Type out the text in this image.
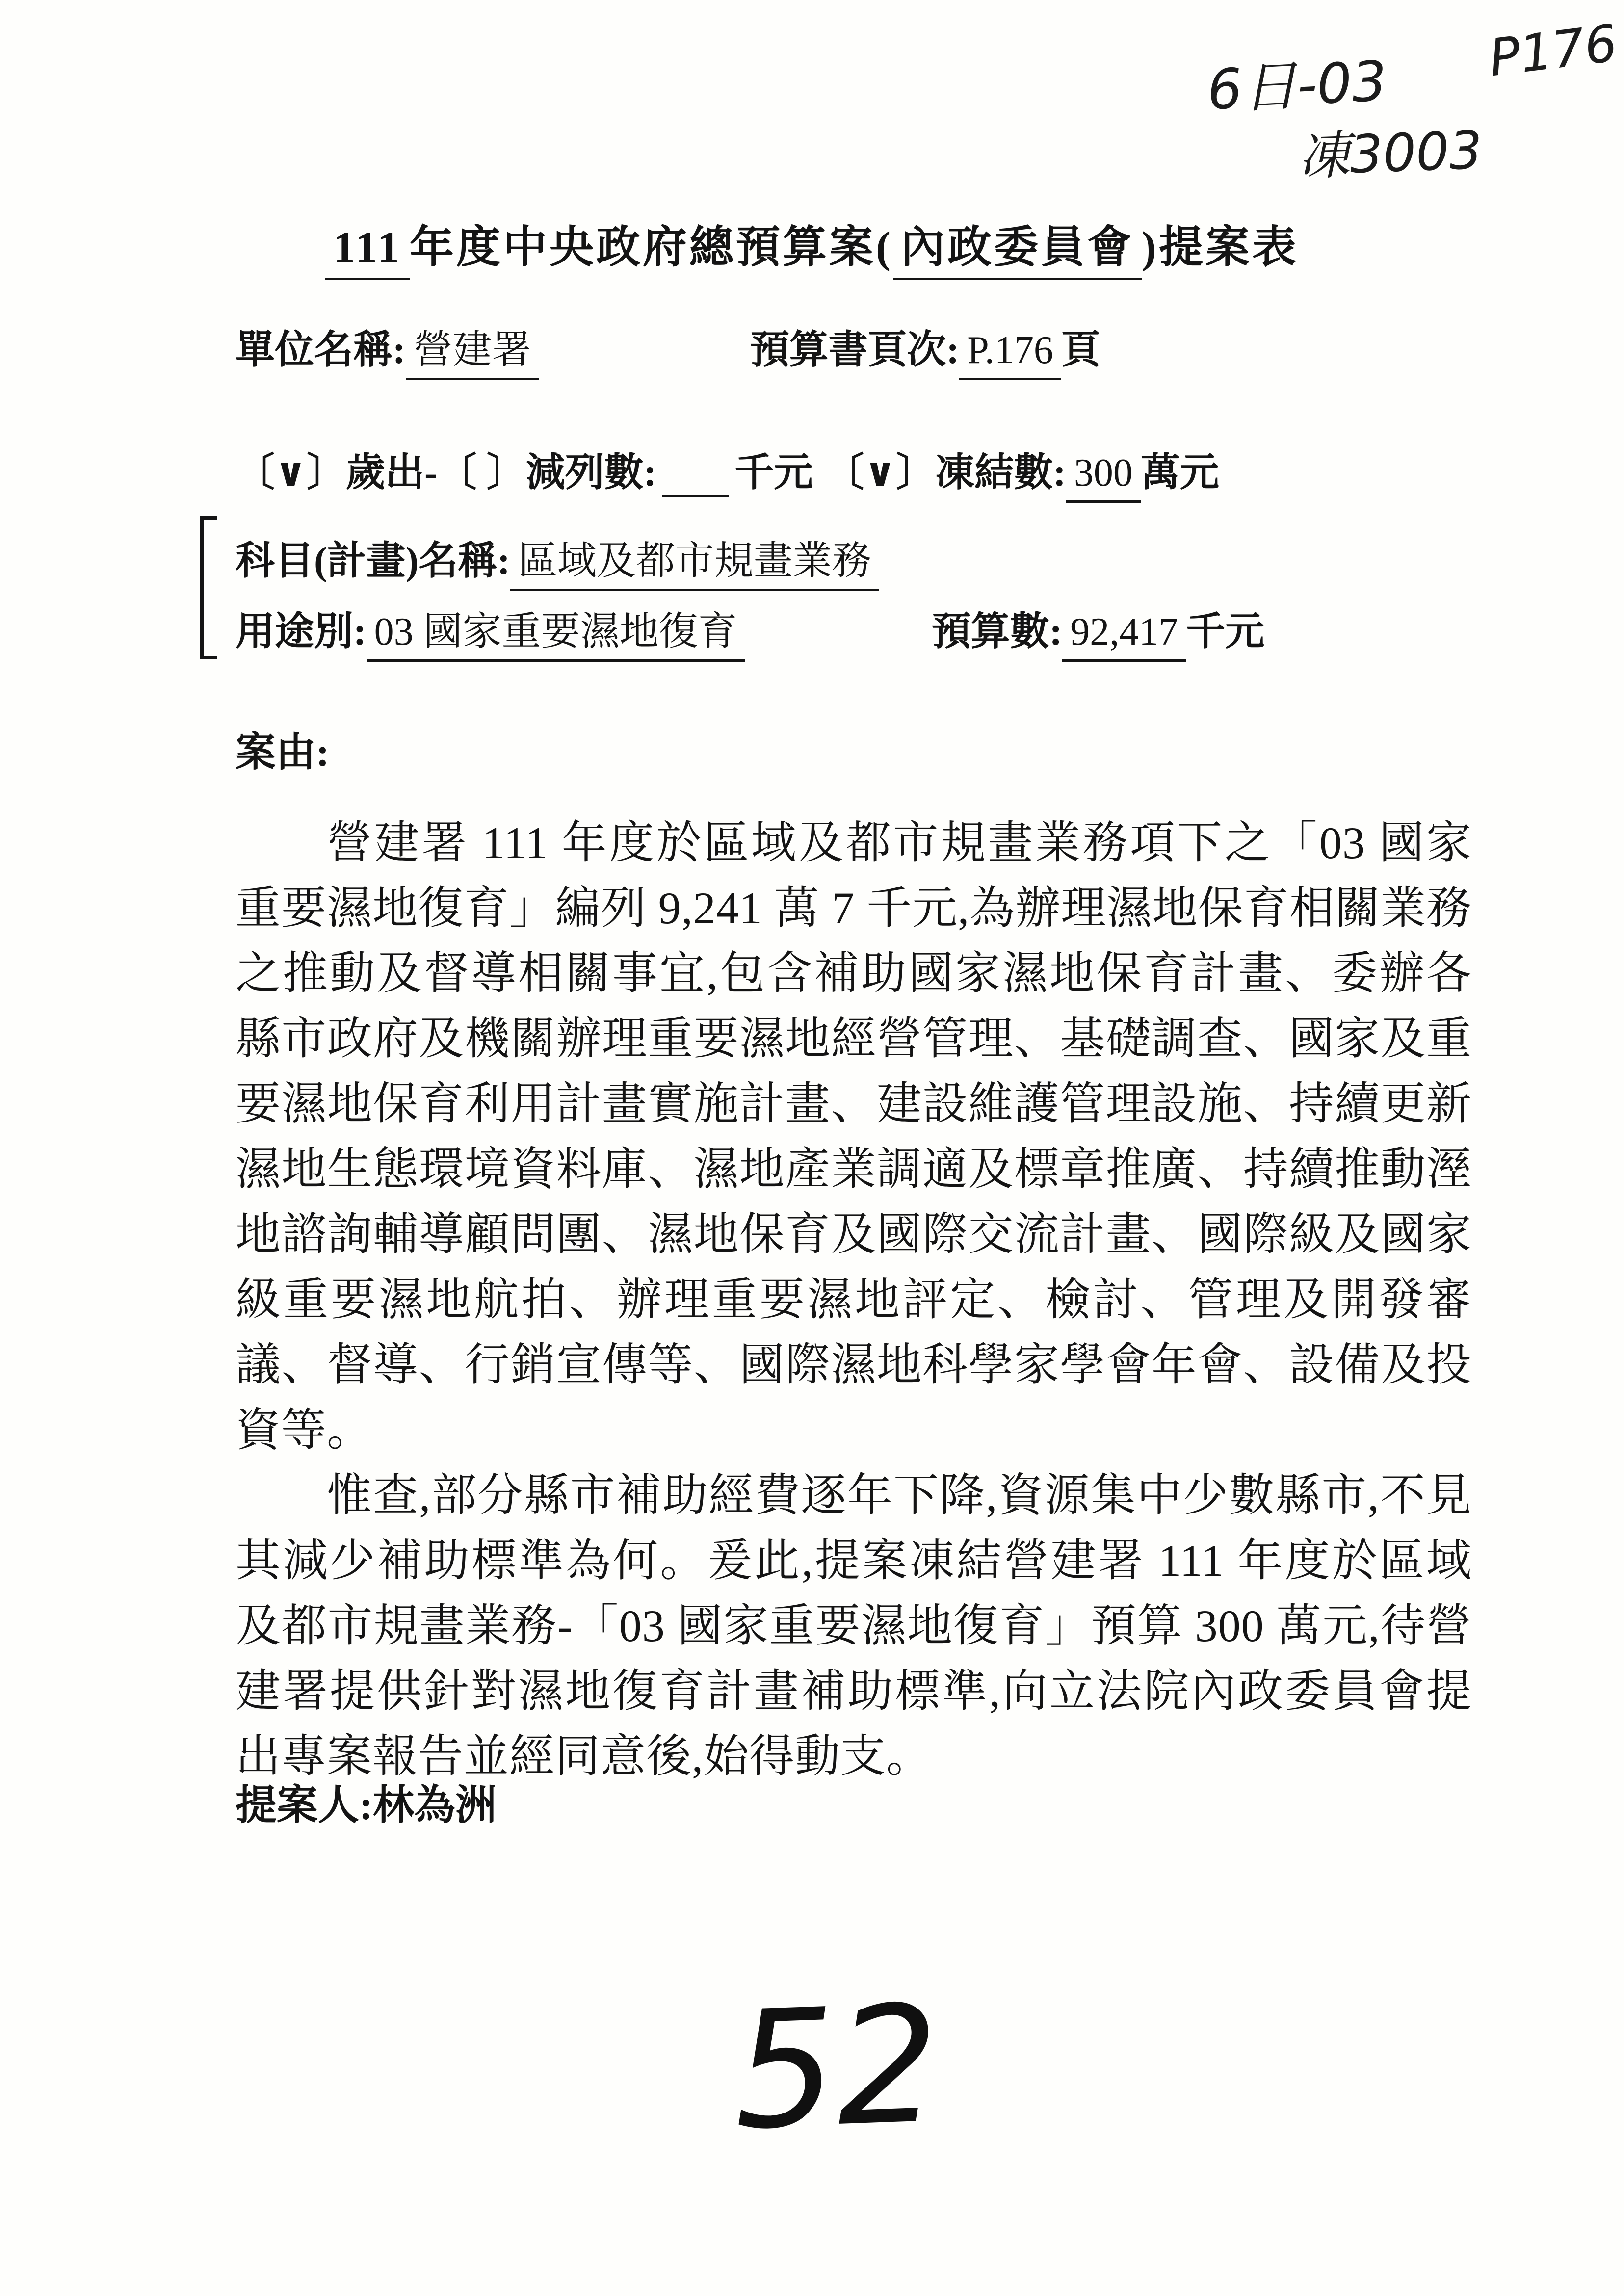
6日-03
凍3003
P176
111 年度中央政府總預算案( 內政委員會 )提案表
單位名稱: 營建署	預算書頁次: P.176 頁
〔∨〕歲出-〔 〕減列數: 千元 〔∨〕凍結數: 300 萬元
科目(計畫)名稱: 區域及都市規畫業務
用途別: 03 國家重要濕地復育	預算數: 92,417 千元
案由:

營建署 111 年度於區域及都市規畫業務項下之「03 國家重要濕地復育」編列 9,241 萬 7 千元,為辦理濕地保育相關業務之推動及督導相關事宜,包含補助國家濕地保育計畫、委辦各縣市政府及機關辦理重要濕地經營管理、基礎調查、國家及重要濕地保育利用計畫實施計畫、建設維護管理設施、持續更新濕地生態環境資料庫、濕地產業調適及標章推廣、持續推動溼地諮詢輔導顧問團、濕地保育及國際交流計畫、國際級及國家級重要濕地航拍、辦理重要濕地評定、檢討、管理及開發審議、督導、行銷宣傳等、國際濕地科學家學會年會、設備及投資等。

惟查,部分縣市補助經費逐年下降,資源集中少數縣市,不見其減少補助標準為何。爰此,提案凍結營建署 111 年度於區域及都市規畫業務-「03 國家重要濕地復育」預算 300 萬元,待營建署提供針對濕地復育計畫補助標準,向立法院內政委員會提出專案報告並經同意後,始得動支。

提案人:林為洲
52
